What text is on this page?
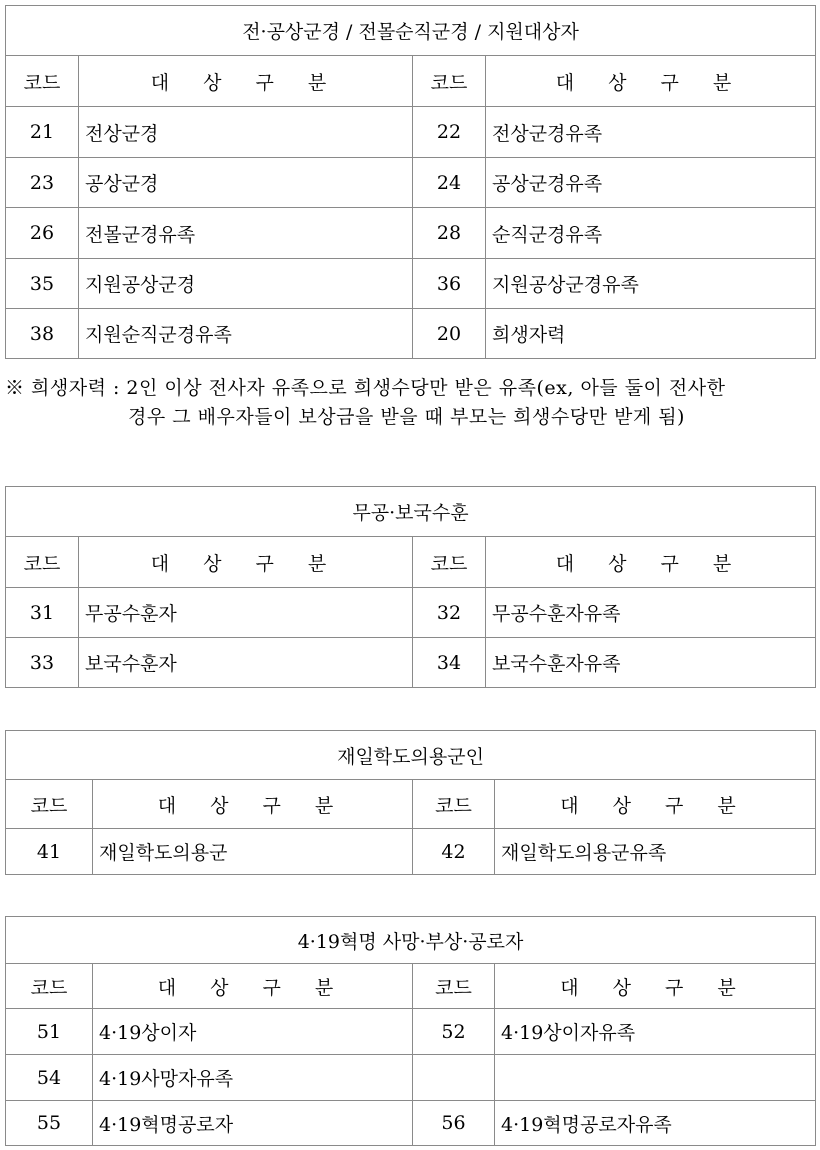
전·공상군경 / 전몰순직군경 / 지원대상자			
코드	대 상 구 분	코드	대 상 구 분
21	전상군경	22	전상군경유족
23	공상군경	24	공상군경유족
26	전몰군경유족	28	순직군경유족
35	지원공상군경	36	지원공상군경유족
38	지원순직군경유족	20	희생자력
※ 희생자력 : 2인 이상 전사자 유족으로 희생수당만 받은 유족(ex, 아들 둘이 전사한
경우 그 배우자들이 보상금을 받을 때 부모는 희생수당만 받게 됨)
무공·보국수훈			
코드	대 상 구 분	코드	대 상 구 분
31	무공수훈자	32	무공수훈자유족
33	보국수훈자	34	보국수훈자유족
재일학도의용군인			
코드	대 상 구 분	코드	대 상 구 분
41	재일학도의용군	42	재일학도의용군유족
4·19혁명 사망·부상·공로자			
코드	대 상 구 분	코드	대 상 구 분
51	4·19상이자	52	4·19상이자유족
54	4·19사망자유족		
55	4·19혁명공로자	56	4·19혁명공로자유족
